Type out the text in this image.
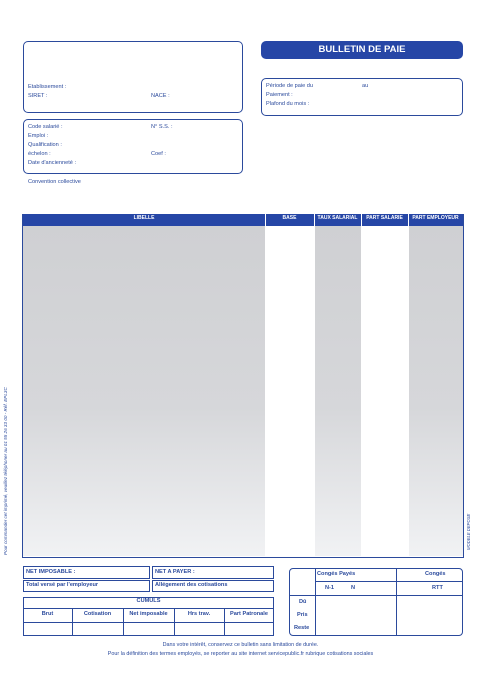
BULLETIN DE PAIE
Etablissement :
SIRET :	NACE :
Période de paie du	au
Paiement :
Plafond du mois :
Code salarié :	N° S.S. :
Emploi :
Qualification :
échelon :	Coef :
Date d'ancienneté :
Convention collective
LIBELLE	BASE	TAUX SALARIAL	PART SALARIE	PART EMPLOYEUR
Pour commander cet imprimé, veuillez téléphoner au 01 55 26 33 00 - Réf. EPL3C	MODELE DEPOSE
NET IMPOSABLE :	NET A PAYER :
Total versé par l'employeur	Allégement des cotisations
CUMULS
Brut	Cotisation	Net imposable	Hrs trav.	Part Patronale
Congés Payés	Congés
N-1	N	RTT
Dû
Pris
Reste
Dans votre intérêt, conservez ce bulletin sans limitation de durée.
Pour la définition des termes employés, se reporter au site internet servicepublic.fr rubrique cotisations sociales
